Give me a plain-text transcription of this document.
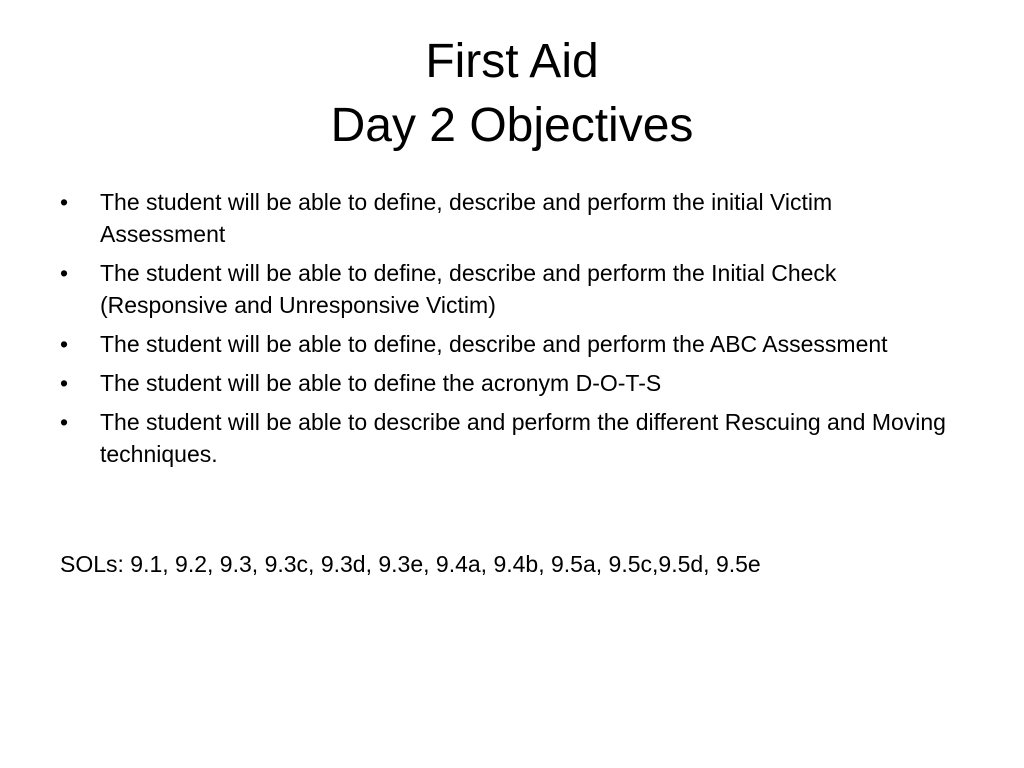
First Aid
Day 2 Objectives
• The student will be able to define, describe and perform the initial Victim Assessment
• The student will be able to define, describe and perform the Initial Check (Responsive and Unresponsive Victim)
• The student will be able to define, describe and perform the ABC Assessment
• The student will be able to define the acronym D-O-T-S
• The student will be able to describe and perform the different Rescuing and Moving techniques.
SOLs: 9.1, 9.2, 9.3, 9.3c, 9.3d, 9.3e, 9.4a, 9.4b, 9.5a, 9.5c,9.5d, 9.5e
